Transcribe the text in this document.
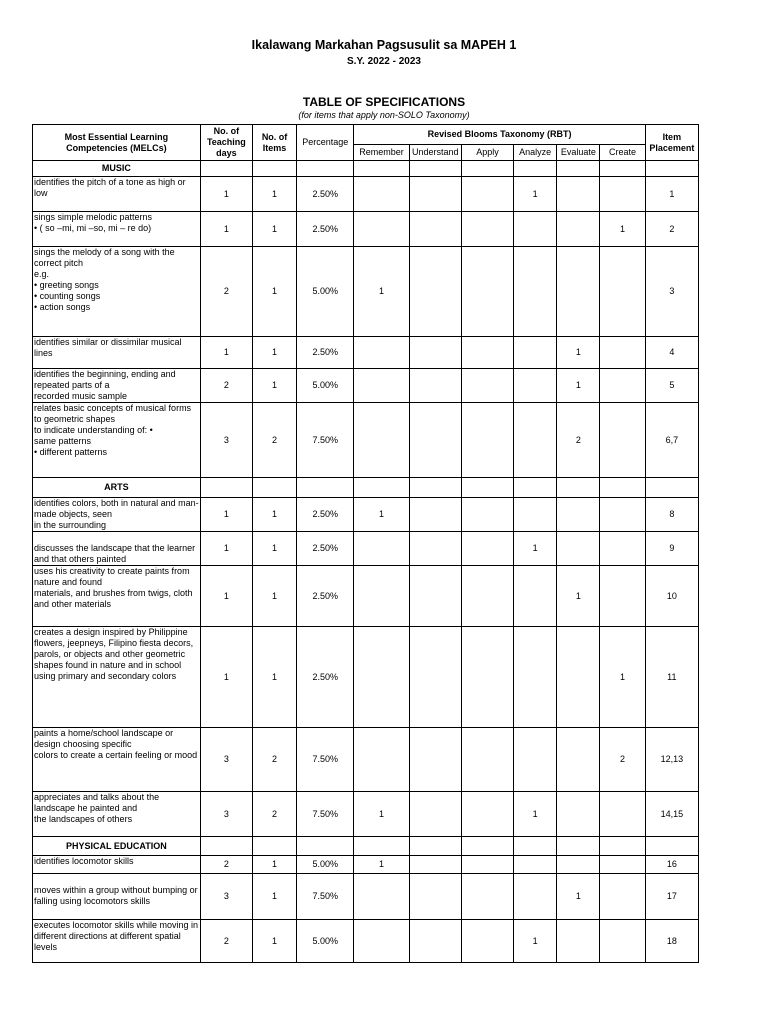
Ikalawang Markahan Pagsusulit sa MAPEH 1
S.Y. 2022 - 2023
TABLE OF SPECIFICATIONS
(for items that apply non-SOLO Taxonomy)
Most Essential Learning Competencies (MELCs)	No. of Teaching days	No. of Items	Percentage	Revised Blooms Taxonomy (RBT)						Item Placement
				Remember	Understand	Apply	Analyze	Evaluate	Create	
MUSIC										
identifies the pitch of a tone as high or low	1	1	2.50%				1			1
sings simple melodic patterns
• ( so –mi, mi –so, mi – re do)	1	1	2.50%						1	2
sings the melody of a song with the correct pitch
e.g.
• greeting songs
• counting songs
• action songs	2	1	5.00%	1						3
identifies similar or dissimilar musical lines	1	1	2.50%					1		4
identifies the beginning, ending and repeated parts of a
recorded music sample	2	1	5.00%					1		5
relates basic concepts of musical forms to geometric shapes
to indicate understanding of: •
same patterns
• different patterns	3	2	7.50%					2		6,7
ARTS										
identifies colors, both in natural and man-made objects, seen
in the surrounding	1	1	2.50%	1						8

discusses the landscape that the learner and that others painted	1	1	2.50%				1			9
uses his creativity to create paints from nature and found
materials, and brushes from twigs, cloth and other materials	1	1	2.50%					1		10
creates a design inspired by Philippine flowers, jeepneys, Filipino fiesta decors, parols, or objects and other geometric
shapes found in nature and in school using primary and secondary colors	1	1	2.50%						1	11
paints a home/school landscape or design choosing specific
colors to create a certain feeling or mood	3	2	7.50%						2	12,13
appreciates and talks about the landscape he painted and
the landscapes of others	3	2	7.50%	1			1			14,15
PHYSICAL EDUCATION										
identifies locomotor skills	2	1	5.00%	1						16

moves within a group without bumping or falling using locomotors skills	3	1	7.50%					1		17
executes locomotor skills while moving in different directions at different spatial levels	2	1	5.00%				1			18
